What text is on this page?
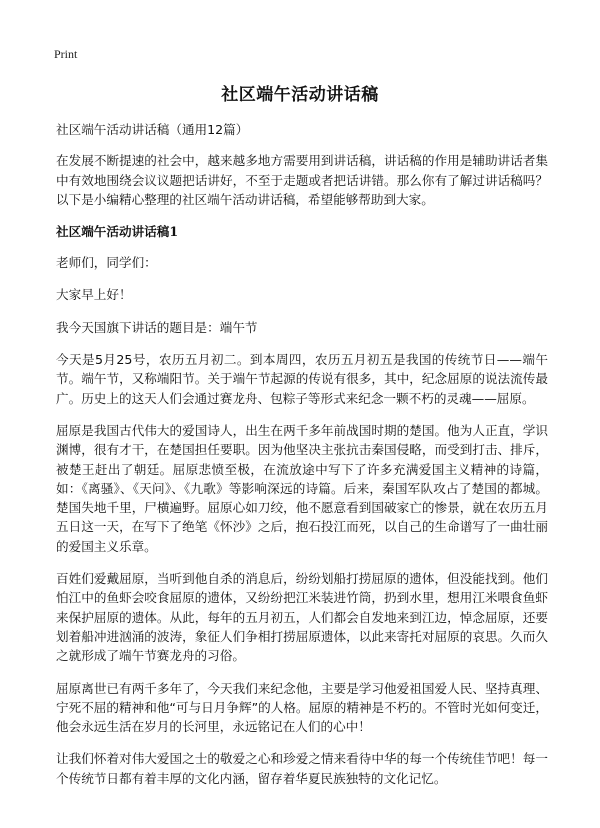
Print
社区端午活动讲话稿

社区端午活动讲话稿（通用12篇）

在发展不断提速的社会中，越来越多地方需要用到讲话稿，讲话稿的作用是辅助讲话者集中有效地围绕会议议题把话讲好，不至于走题或者把话讲错。那么你有了解过讲话稿吗？以下是小编精心整理的社区端午活动讲话稿，希望能够帮助到大家。

社区端午活动讲话稿1

老师们，同学们：

大家早上好！

我今天国旗下讲话的题目是：端午节

今天是5月25号，农历五月初二。到本周四，农历五月初五是我国的传统节日——端午节。端午节，又称端阳节。关于端午节起源的传说有很多，其中，纪念屈原的说法流传最广。历史上的这天人们会通过赛龙舟、包粽子等形式来纪念一颗不朽的灵魂——屈原。

屈原是我国古代伟大的爱国诗人，出生在两千多年前战国时期的楚国。他为人正直，学识渊博，很有才干，在楚国担任要职。因为他坚决主张抗击秦国侵略，而受到打击、排斥，被楚王赶出了朝廷。屈原悲愤至极，在流放途中写下了许多充满爱国主义精神的诗篇，如：《离骚》、《天问》、《九歌》等影响深远的诗篇。后来，秦国军队攻占了楚国的都城。楚国失地千里，尸横遍野。屈原心如刀绞，他不愿意看到国破家亡的惨景，就在农历五月五日这一天，在写下了绝笔《怀沙》之后，抱石投江而死，以自己的生命谱写了一曲壮丽的爱国主义乐章。

百姓们爱戴屈原，当听到他自杀的消息后，纷纷划船打捞屈原的遗体，但没能找到。他们怕江中的鱼虾会咬食屈原的遗体，又纷纷把江米装进竹筒，扔到水里，想用江米喂食鱼虾来保护屈原的遗体。从此，每年的五月初五，人们都会自发地来到江边，悼念屈原，还要划着船冲进汹涌的波涛，象征人们争相打捞屈原遗体，以此来寄托对屈原的哀思。久而久之就形成了端午节赛龙舟的习俗。

屈原离世已有两千多年了，今天我们来纪念他，主要是学习他爱祖国爱人民、坚持真理、宁死不屈的精神和他“可与日月争辉”的人格。屈原的精神是不朽的。不管时光如何变迁，他会永远生活在岁月的长河里，永远铭记在人们的心中！

让我们怀着对伟大爱国之士的敬爱之心和珍爱之情来看待中华的每一个传统佳节吧！每一个传统节日都有着丰厚的文化内涵，留存着华夏民族独特的文化记忆。
